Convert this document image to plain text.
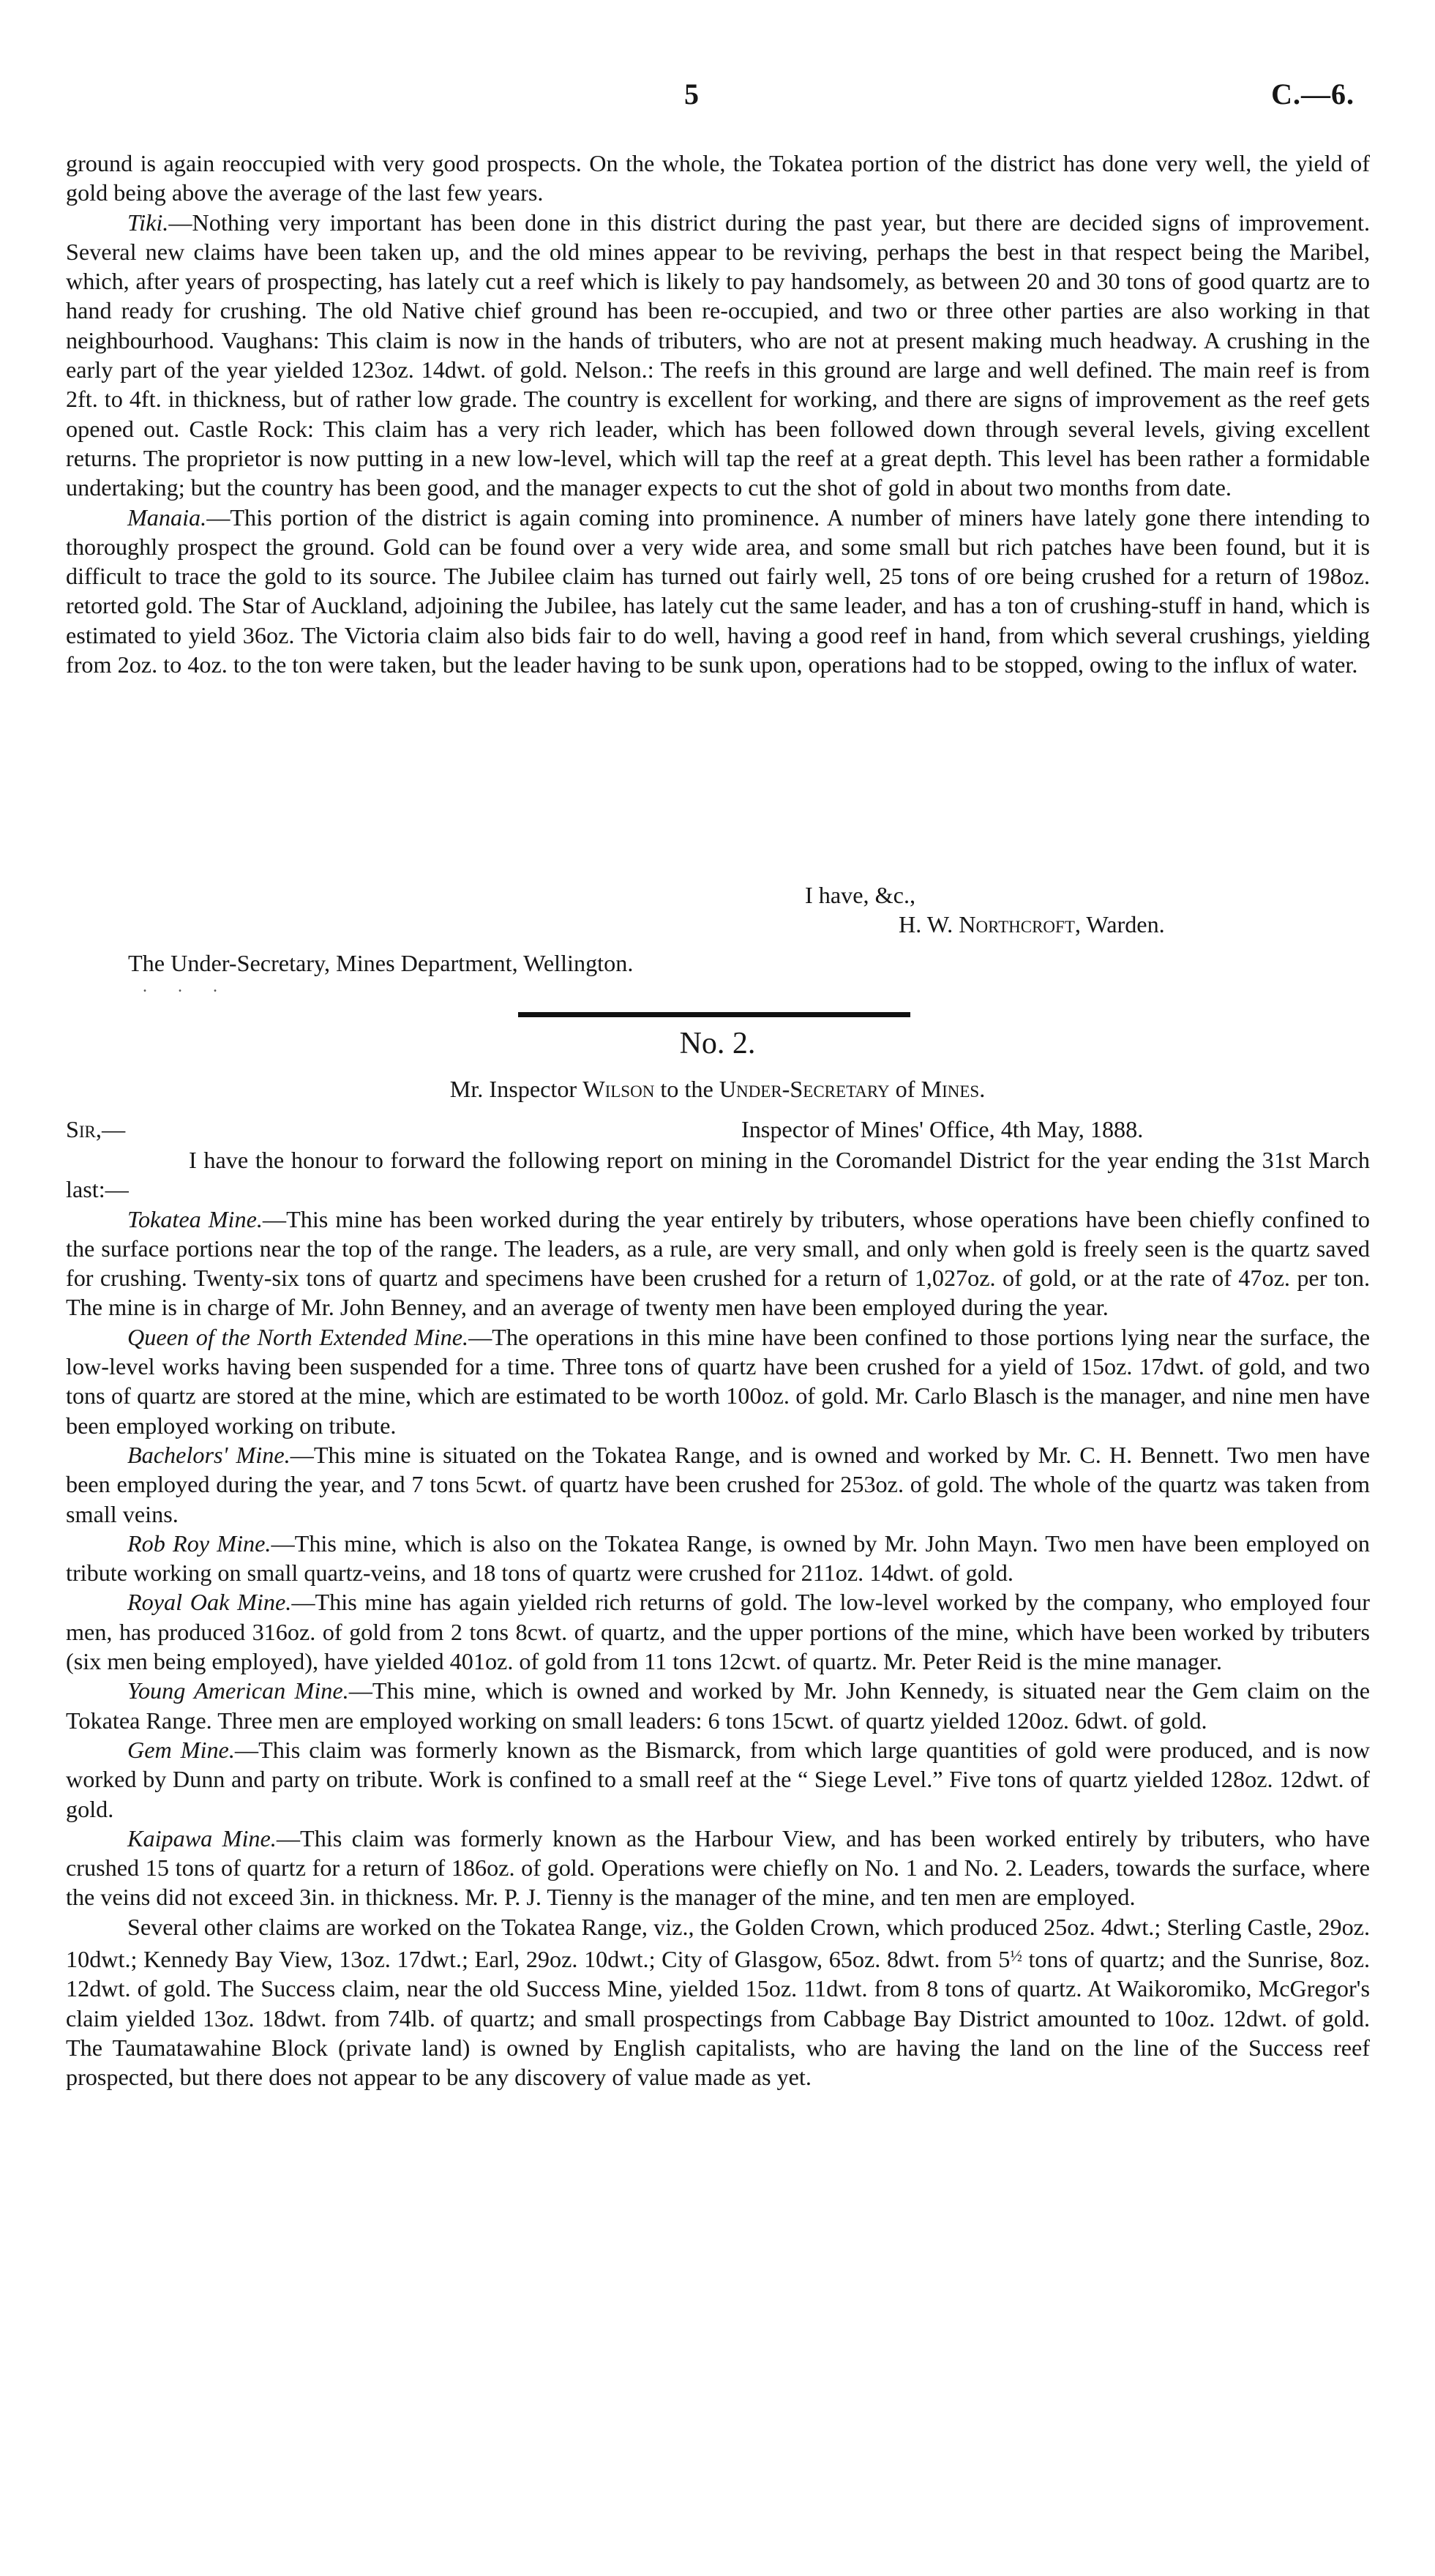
5	C.—6.

ground is again reoccupied with very good prospects. On the whole, the Tokatea portion of the district has done very well, the yield of gold being above the average of the last few years.

Tiki.—Nothing very important has been done in this district during the past year, but there are decided signs of improvement. Several new claims have been taken up, and the old mines appear to be reviving, perhaps the best in that respect being the Maribel, which, after years of prospecting, has lately cut a reef which is likely to pay handsomely, as between 20 and 30 tons of good quartz are to hand ready for crushing. The old Native chief ground has been re-occupied, and two or three other parties are also working in that neighbourhood. Vaughans: This claim is now in the hands of tributers, who are not at present making much headway. A crushing in the early part of the year yielded 123oz. 14dwt. of gold. Nelson.: The reefs in this ground are large and well defined. The main reef is from 2ft. to 4ft. in thickness, but of rather low grade. The country is excellent for working, and there are signs of improvement as the reef gets opened out. Castle Rock: This claim has a very rich leader, which has been followed down through several levels, giving excellent returns. The proprietor is now putting in a new low-level, which will tap the reef at a great depth. This level has been rather a formidable undertaking; but the country has been good, and the manager expects to cut the shot of gold in about two months from date.

Manaia.—This portion of the district is again coming into prominence. A number of miners have lately gone there intending to thoroughly prospect the ground. Gold can be found over a very wide area, and some small but rich patches have been found, but it is difficult to trace the gold to its source. The Jubilee claim has turned out fairly well, 25 tons of ore being crushed for a return of 198oz. retorted gold. The Star of Auckland, adjoining the Jubilee, has lately cut the same leader, and has a ton of crushing-stuff in hand, which is estimated to yield 36oz. The Victoria claim also bids fair to do well, having a good reef in hand, from which several crushings, yielding from 2oz. to 4oz. to the ton were taken, but the leader having to be sunk upon, operations had to be stopped, owing to the influx of water.

I have, &c.,
H. W. Northcroft, Warden.
The Under-Secretary, Mines Department, Wellington.
. . .
No. 2.
Mr. Inspector Wilson to the Under-Secretary of Mines.
Sir,—	Inspector of Mines' Office, 4th May, 1888.

I have the honour to forward the following report on mining in the Coromandel District for the year ending the 31st March last:—

Tokatea Mine.—This mine has been worked during the year entirely by tributers, whose operations have been chiefly confined to the surface portions near the top of the range. The leaders, as a rule, are very small, and only when gold is freely seen is the quartz saved for crushing. Twenty-six tons of quartz and specimens have been crushed for a return of 1,027oz. of gold, or at the rate of 47oz. per ton. The mine is in charge of Mr. John Benney, and an average of twenty men have been employed during the year.

Queen of the North Extended Mine.—The operations in this mine have been confined to those portions lying near the surface, the low-level works having been suspended for a time. Three tons of quartz have been crushed for a yield of 15oz. 17dwt. of gold, and two tons of quartz are stored at the mine, which are estimated to be worth 100oz. of gold. Mr. Carlo Blasch is the manager, and nine men have been employed working on tribute.

Bachelors' Mine.—This mine is situated on the Tokatea Range, and is owned and worked by Mr. C. H. Bennett. Two men have been employed during the year, and 7 tons 5cwt. of quartz have been crushed for 253oz. of gold. The whole of the quartz was taken from small veins.

Rob Roy Mine.—This mine, which is also on the Tokatea Range, is owned by Mr. John Mayn. Two men have been employed on tribute working on small quartz-veins, and 18 tons of quartz were crushed for 211oz. 14dwt. of gold.

Royal Oak Mine.—This mine has again yielded rich returns of gold. The low-level worked by the company, who employed four men, has produced 316oz. of gold from 2 tons 8cwt. of quartz, and the upper portions of the mine, which have been worked by tributers (six men being employed), have yielded 401oz. of gold from 11 tons 12cwt. of quartz. Mr. Peter Reid is the mine manager.

Young American Mine.—This mine, which is owned and worked by Mr. John Kennedy, is situated near the Gem claim on the Tokatea Range. Three men are employed working on small leaders: 6 tons 15cwt. of quartz yielded 120oz. 6dwt. of gold.

Gem Mine.—This claim was formerly known as the Bismarck, from which large quantities of gold were produced, and is now worked by Dunn and party on tribute. Work is confined to a small reef at the “ Siege Level.” Five tons of quartz yielded 128oz. 12dwt. of gold.

Kaipawa Mine.—This claim was formerly known as the Harbour View, and has been worked entirely by tributers, who have crushed 15 tons of quartz for a return of 186oz. of gold. Operations were chiefly on No. 1 and No. 2. Leaders, towards the surface, where the veins did not exceed 3in. in thickness. Mr. P. J. Tienny is the manager of the mine, and ten men are employed.

Several other claims are worked on the Tokatea Range, viz., the Golden Crown, which produced 25oz. 4dwt.; Sterling Castle, 29oz. 10dwt.; Kennedy Bay View, 13oz. 17dwt.; Earl, 29oz. 10dwt.; City of Glasgow, 65oz. 8dwt. from $5^{\frac{1}{2}}$ tons of quartz; and the Sunrise, 8oz. 12dwt. of gold. The Success claim, near the old Success Mine, yielded 15oz. 11dwt. from 8 tons of quartz. At Waikoromiko, McGregor's claim yielded 13oz. 18dwt. from 74lb. of quartz; and small prospectings from Cabbage Bay District amounted to 10oz. 12dwt. of gold. The Taumatawahine Block (private land) is owned by English capitalists, who are having the land on the line of the Success reef prospected, but there does not appear to be any discovery of value made as yet.
